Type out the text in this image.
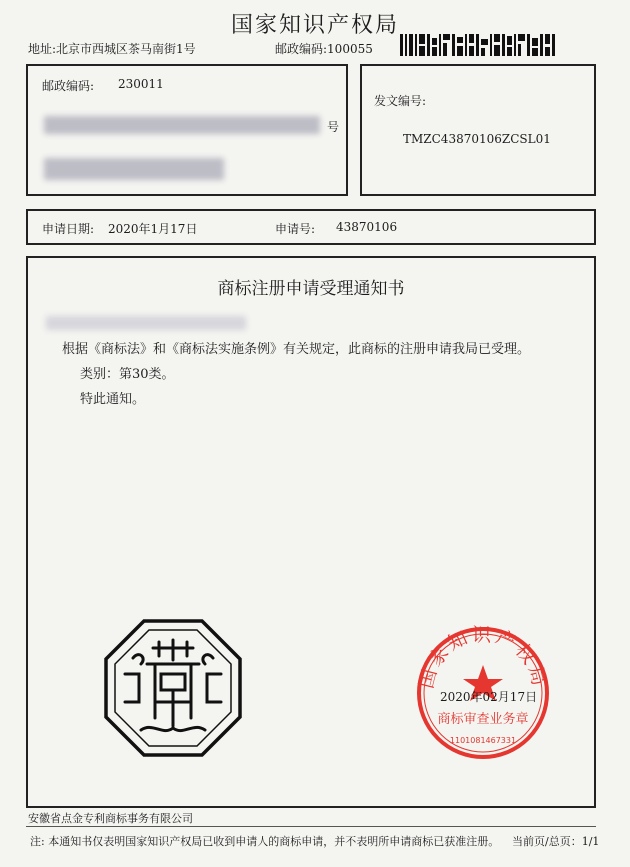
国家知识产权局
地址:北京市西城区茶马南街1号	邮政编码:100055
邮政编码: 230011
号
发文编号:
TMZC43870106ZCSL01
申请日期: 2020年1月17日	申请号: 43870106
商标注册申请受理通知书
根据《商标法》和《商标法实施条例》有关规定，此商标的注册申请我局已受理。
类别：第30类。
特此通知。
国家知识产权局
商标审查业务章
1101081467331
2020年02月17日
安徽省点金专利商标事务有限公司
注: 本通知书仅表明国家知识产权局已收到申请人的商标申请，并不表明所申请商标已获准注册。 当前页/总页：1/1
